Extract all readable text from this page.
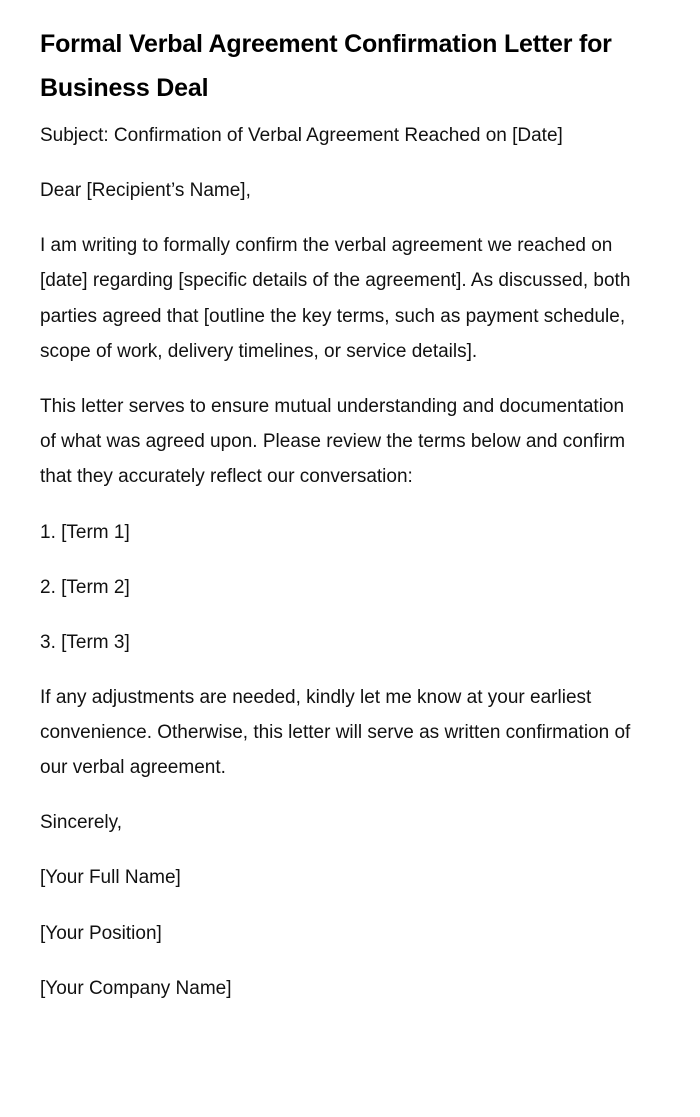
Formal Verbal Agreement Confirmation Letter for Business Deal

Subject: Confirmation of Verbal Agreement Reached on [Date]

Dear [Recipient’s Name],

I am writing to formally confirm the verbal agreement we reached on [date] regarding [specific details of the agreement]. As discussed, both parties agreed that [outline the key terms, such as payment schedule, scope of work, delivery timelines, or service details].

This letter serves to ensure mutual understanding and documentation of what was agreed upon. Please review the terms below and confirm that they accurately reflect our conversation:

1. [Term 1]
2. [Term 2]
3. [Term 3]

If any adjustments are needed, kindly let me know at your earliest convenience. Otherwise, this letter will serve as written confirmation of our verbal agreement.

Sincerely,

[Your Full Name]

[Your Position]

[Your Company Name]
